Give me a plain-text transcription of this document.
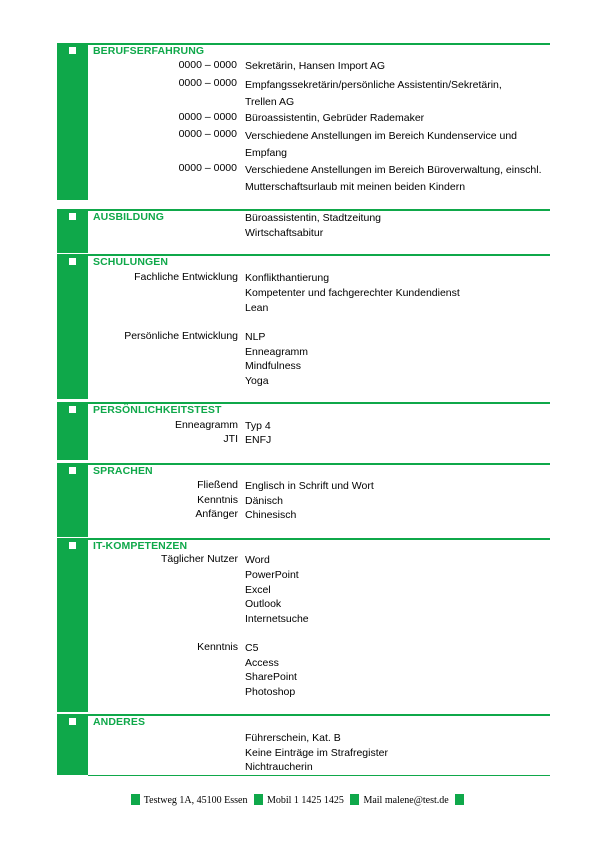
BERUFSERFAHRUNG
0000 – 0000 Sekretärin, Hansen Import AG
0000 – 0000 Empfangssekretärin/persönliche Assistentin/Sekretärin, Trellen AG
0000 – 0000 Büroassistentin, Gebrüder Rademaker
0000 – 0000 Verschiedene Anstellungen im Bereich Kundenservice und Empfang
0000 – 0000 Verschiedene Anstellungen im Bereich Büroverwaltung, einschl. Mutterschaftsurlaub mit meinen beiden Kindern
AUSBILDUNG	Büroassistentin, Stadtzeitung
Wirtschaftsabitur
SCHULUNGEN
Fachliche Entwicklung Konflikthantierung
Kompetenter und fachgerechter Kundendienst
Lean
Persönliche Entwicklung NLP
Enneagramm
Mindfulness
Yoga
PERSÖNLICHKEITSTEST
Enneagramm Typ 4
JTI ENFJ
SPRACHEN
Fließend Englisch in Schrift und Wort
Kenntnis Dänisch
Anfänger Chinesisch
IT-KOMPETENZEN
Täglicher Nutzer Word
PowerPoint
Excel
Outlook
Internetsuche
Kenntnis C5
Access
SharePoint
Photoshop
ANDERES
Führerschein, Kat. B
Keine Einträge im Strafregister
Nichtraucherin
Testweg 1A, 45100 Essen Mobil 1 1425 1425 Mail malene@test.de
